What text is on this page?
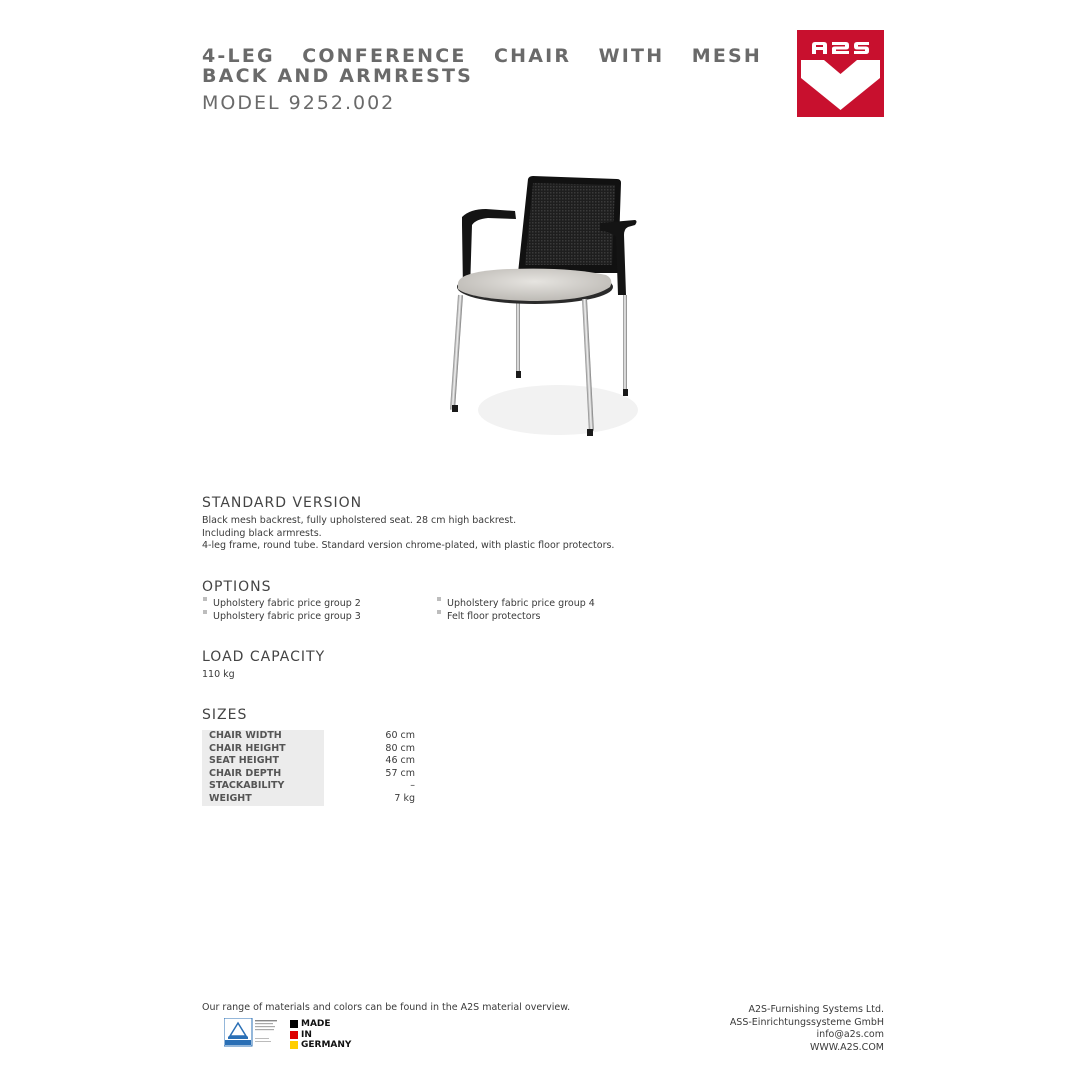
4-LEG CONFERENCE CHAIR WITH MESH BACK AND ARMRESTS
MODEL 9252.002
STANDARD VERSION
Black mesh backrest, fully upholstered seat. 28 cm high backrest.
Including black armrests.
4-leg frame, round tube. Standard version chrome-plated, with plastic floor protectors.
OPTIONS
Upholstery fabric price group 2
Upholstery fabric price group 3
Upholstery fabric price group 4
Felt floor protectors
LOAD CAPACITY
110 kg
SIZES
CHAIR WIDTH	60 cm
CHAIR HEIGHT	80 cm
SEAT HEIGHT	46 cm
CHAIR DEPTH	57 cm
STACKABILITY	–
WEIGHT	7 kg
Our range of materials and colors can be found in the A2S material overview.
MADE
IN
GERMANY
A2S-Furnishing Systems Ltd.
ASS-Einrichtungssysteme GmbH
info@a2s.com
WWW.A2S.COM
